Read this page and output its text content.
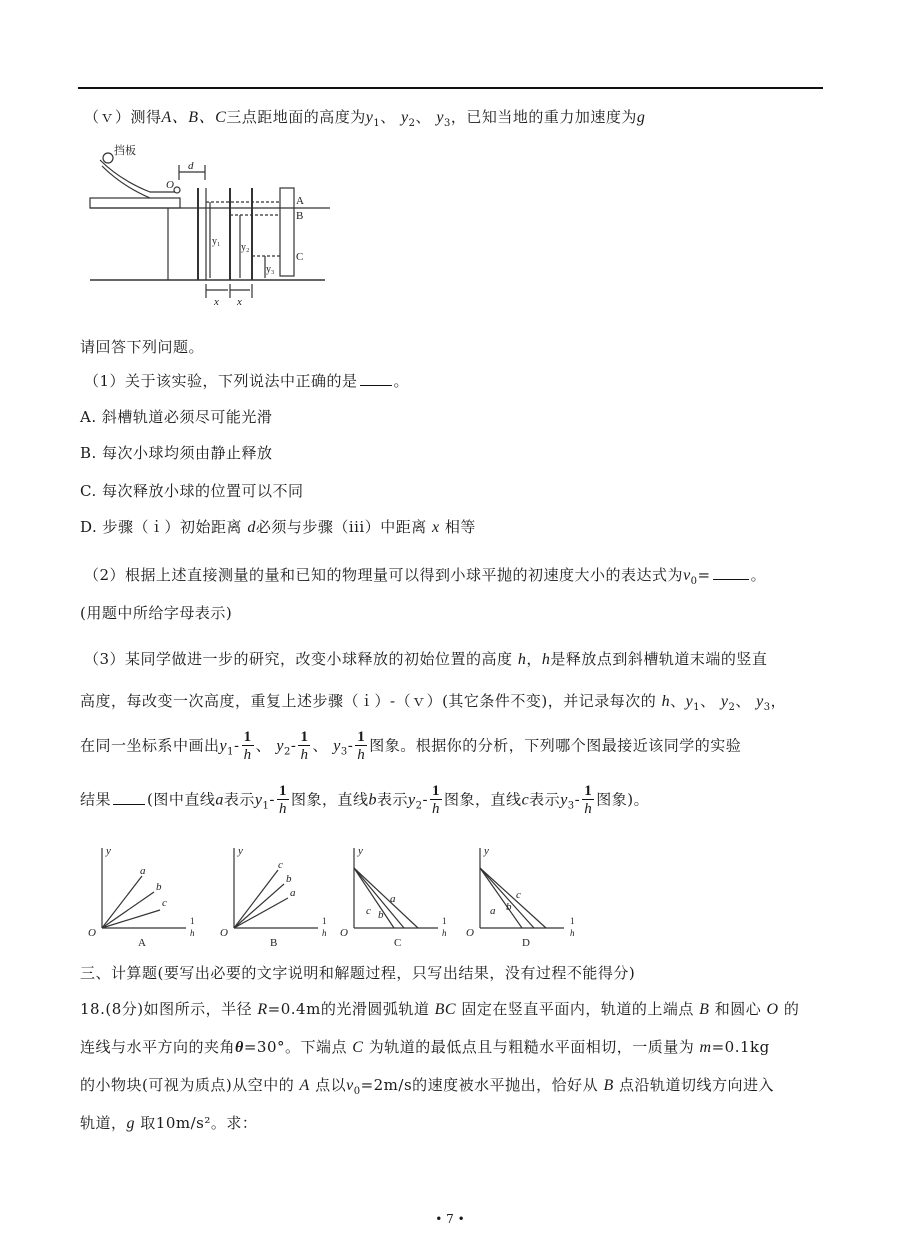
（ｖ）测得A、B、C三点距地面的高度为$y_1$、 $y_2$、 $y_3$，已知当地的重力加速度为g
挡板
d
O
A
B
C
y₁
y₂
y₃
x x
请回答下列问题。
（1）关于该实验，下列说法中正确的是 。
A. 斜槽轨道必须尽可能光滑
B. 每次小球均须由静止释放
C. 每次释放小球的位置可以不同
D. 步骤（ｉ）初始距离 d必须与步骤（iii）中距离 x 相等
（2）根据上述直接测量的量和已知的物理量可以得到小球平抛的初速度大小的表达式为$v_0=$	。
(用题中所给字母表示)
（3）某同学做进一步的研究，改变小球释放的初始位置的高度 h，h是释放点到斜槽轨道末端的竖直
高度，每改变一次高度，重复上述步骤（ｉ）-（ｖ）(其它条件不变)，并记录每次的 h、$y_1$、 $y_2$、 $y_3$，
在同一坐标系中画出$y_1- \frac{1}{h}$ 、 $y_2- \frac{1}{h}$ 、 $y_3- \frac{1}{h}$ 图象。根据你的分析，下列哪个图最接近该同学的实验
结果 (图中直线a表示$y_1- \frac{1}{h}$ 图象，直线b表示$y_2- \frac{1}{h}$ 图象，直线c表示$y_3- \frac{1}{h}$ 图象)。
y
O
a
b
c
1
h
A
y
O
c
b
a
1
h
B
y
O
c b
a
1
h
C
y
O
a b
c
1
h
D
三、计算题(要写出必要的文字说明和解题过程，只写出结果，没有过程不能得分)
18.(8分)如图所示，半径 R=0.4m的光滑圆弧轨道 BC 固定在竖直平面内，轨道的上端点 B 和圆心 O 的
连线与水平方向的夹角θ=30°。下端点 C 为轨道的最低点且与粗糙水平面相切，一质量为 m=0.1kg
的小物块(可视为质点)从空中的 A 点以$v_0=2m/s$的速度被水平抛出，恰好从 B 点沿轨道切线方向进入
轨道，g 取10m/s²。求：
• 7 •
